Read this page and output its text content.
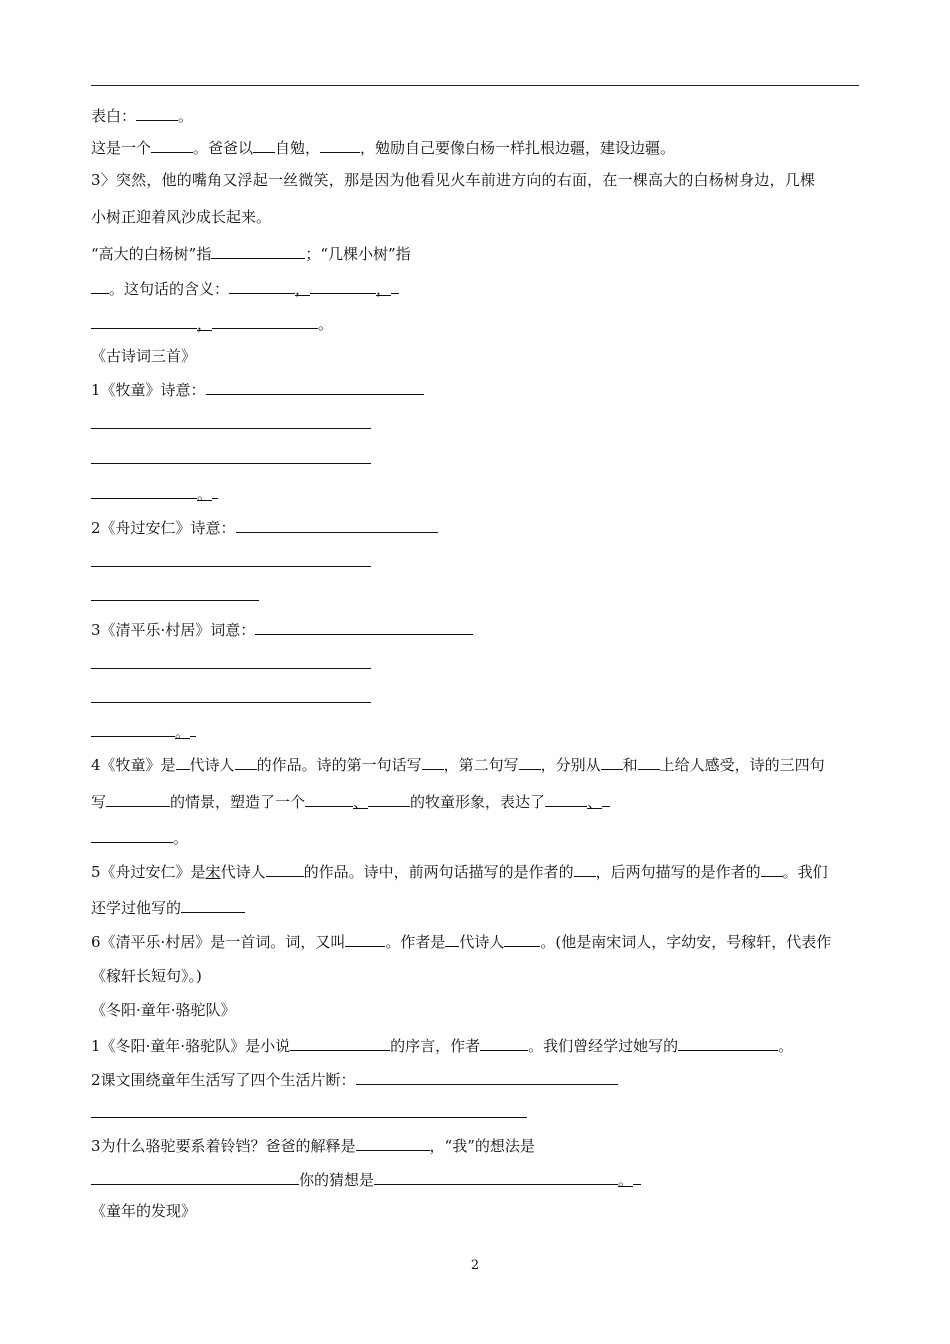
表白：	。
这是一个	。爸爸以 自勉，	，勉励自己要像白杨一样扎根边疆，建设边疆。
3〉突然，他的嘴角又浮起一丝微笑，那是因为他看见火车前进方向的右面，在一棵高大的白杨树身边，几棵
小树正迎着风沙成长起来。
“高大的白杨树”指	；“几棵小树”指
。这句话的含义：	，	，
，	。
《古诗词三首》
1《牧童》诗意：
。
2《舟过安仁》诗意：
3《清平乐·村居》词意：
。
4《牧童》是 代诗人 的作品。诗的第一句话写 ，第二句写 ，分别从 和 上给人感受，诗的三四句
写	的情景，塑造了一个	、	的牧童形象，表达了	、
。
5《舟过安仁》是宋代诗人	的作品。诗中，前两句话描写的是作者的 ，后两句描写的是作者的 。我们
还学过他写的
6《清平乐·村居》是一首词。词，又叫	。作者是 代诗人 。(他是南宋词人，字幼安，号稼轩，代表作
《稼轩长短句》。)
《冬阳·童年·骆驼队》
1《冬阳·童年·骆驼队》是小说	的序言，作者	。我们曾经学过她写的	。
2课文围绕童年生活写了四个生活片断：
3为什么骆驼要系着铃铛？爸爸的解释是	，“我”的想法是
你的猜想是	。
《童年的发现》
2
